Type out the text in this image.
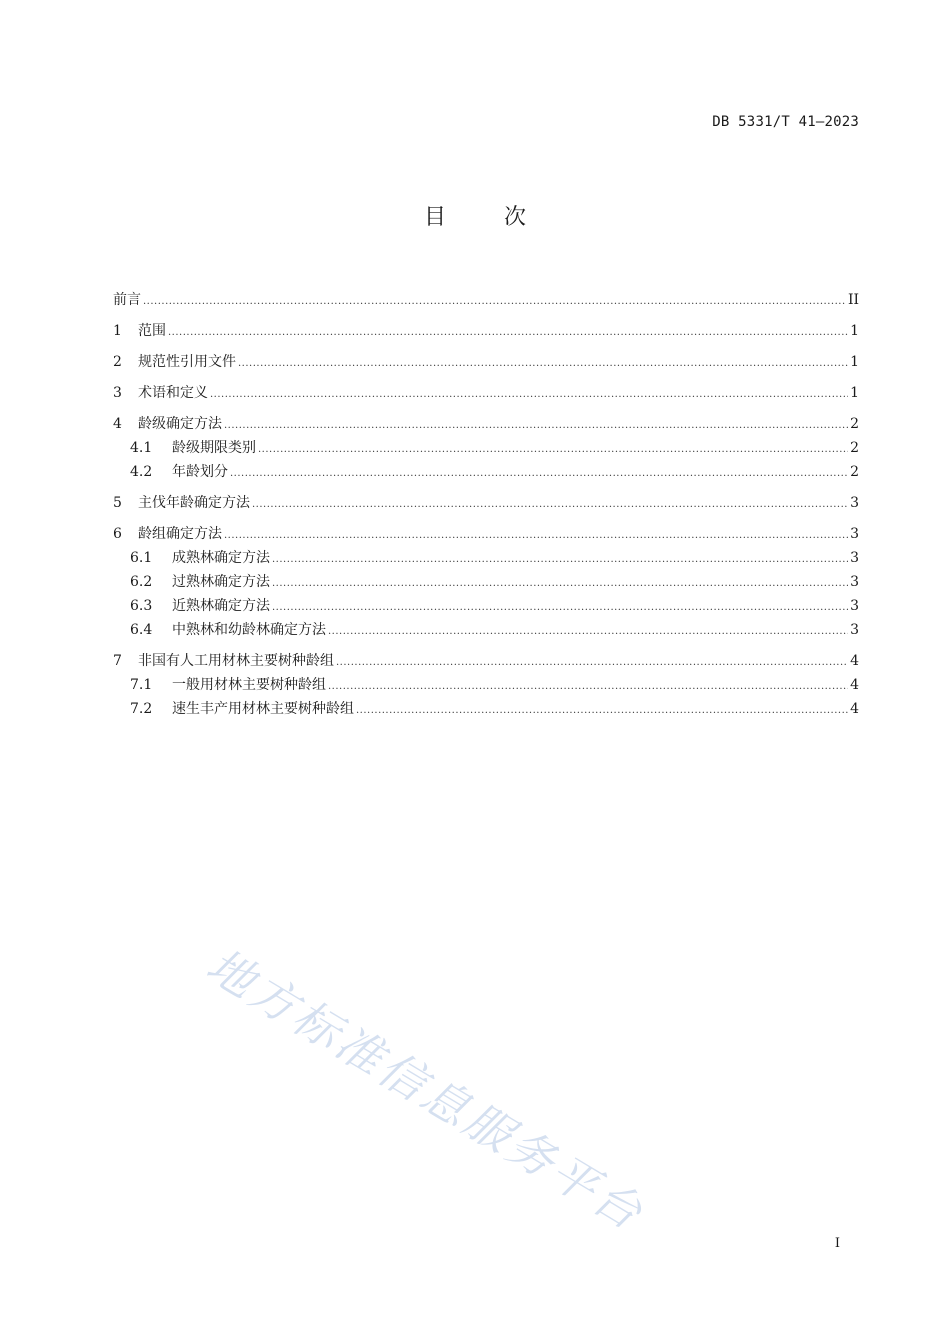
DB 5331/T 41—2023
目次
前言 .....	II
1	范围 .....	1
2	规范性引用文件 .....	1
3	术语和定义 .....	1
4	龄级确定方法 .....	2
4.1	龄级期限类别 .....	2
4.2	年龄划分 .....	2
5	主伐年龄确定方法 .....	3
6	龄组确定方法 .....	3
6.1	成熟林确定方法 .....	3
6.2	过熟林确定方法 .....	3
6.3	近熟林确定方法 .....	3
6.4	中熟林和幼龄林确定方法 .....	3
7	非国有人工用材林主要树种龄组 .....	4
7.1	一般用材林主要树种龄组 .....	4
7.2	速生丰产用材林主要树种龄组 .....	4
地方标准信息服务平台
I
